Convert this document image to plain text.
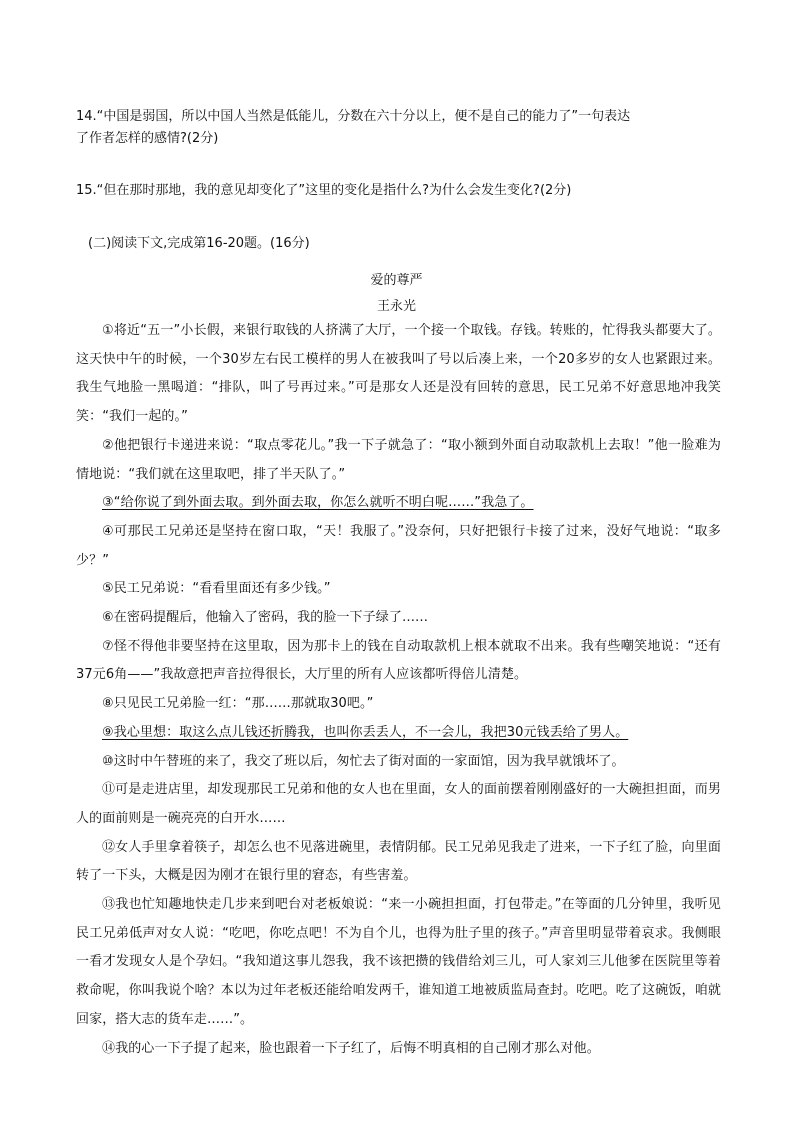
14.“中国是弱国，所以中国人当然是低能儿，分数在六十分以上，便不是自己的能力了”一句表达
了作者怎样的感情?(2分)
15.“但在那时那地，我的意见却变化了”这里的变化是指什么?为什么会发生变化?(2分)
(二)阅读下文,完成第16-20题。(16分)
爱的尊严
王永光

①将近“五一”小长假，来银行取钱的人挤满了大厅，一个接一个取钱。存钱。转账的，忙得我头都要大了。这天快中午的时候，一个30岁左右民工模样的男人在被我叫了号以后凑上来，一个20多岁的女人也紧跟过来。我生气地脸一黑喝道：“排队，叫了号再过来。”可是那女人还是没有回转的意思，民工兄弟不好意思地冲我笑笑：“我们一起的。”

②他把银行卡递进来说：“取点零花儿。”我一下子就急了：“取小额到外面自动取款机上去取！”他一脸难为情地说：“我们就在这里取吧，排了半天队了。”

③“给你说了到外面去取。到外面去取，你怎么就听不明白呢……”我急了。

④可那民工兄弟还是坚持在窗口取，“天！我服了。”没奈何，只好把银行卡接了过来，没好气地说：“取多少？”

⑤民工兄弟说：“看看里面还有多少钱。”

⑥在密码提醒后，他输入了密码，我的脸一下子绿了……

⑦怪不得他非要坚持在这里取，因为那卡上的钱在自动取款机上根本就取不出来。我有些嘲笑地说：“还有37元6角——”我故意把声音拉得很长，大厅里的所有人应该都听得倍儿清楚。

⑧只见民工兄弟脸一红：“那……那就取30吧。”

⑨我心里想：取这么点儿钱还折腾我，也叫你丢丢人，不一会儿，我把30元钱丢给了男人。

⑩这时中午替班的来了，我交了班以后，匆忙去了街对面的一家面馆，因为我早就饿坏了。

⑪可是走进店里，却发现那民工兄弟和他的女人也在里面，女人的面前摆着刚刚盛好的一大碗担担面，而男人的面前则是一碗亮亮的白开水……

⑫女人手里拿着筷子，却怎么也不见落进碗里，表情阴郁。民工兄弟见我走了进来，一下子红了脸，向里面转了一下头，大概是因为刚才在银行里的窘态，有些害羞。

⑬我也忙知趣地快走几步来到吧台对老板娘说：“来一小碗担担面，打包带走。”在等面的几分钟里，我听见民工兄弟低声对女人说：“吃吧，你吃点吧！不为自个儿，也得为肚子里的孩子。”声音里明显带着哀求。我侧眼一看才发现女人是个孕妇。“我知道这事儿怨我，我不该把攒的钱借给刘三儿，可人家刘三儿他爹在医院里等着救命呢，你叫我说个啥？本以为过年老板还能给咱发两千，谁知道工地被质监局查封。吃吧。吃了这碗饭，咱就回家，搭大志的货车走……”。

⑭我的心一下子提了起来，脸也跟着一下子红了，后悔不明真相的自己刚才那么对他。
